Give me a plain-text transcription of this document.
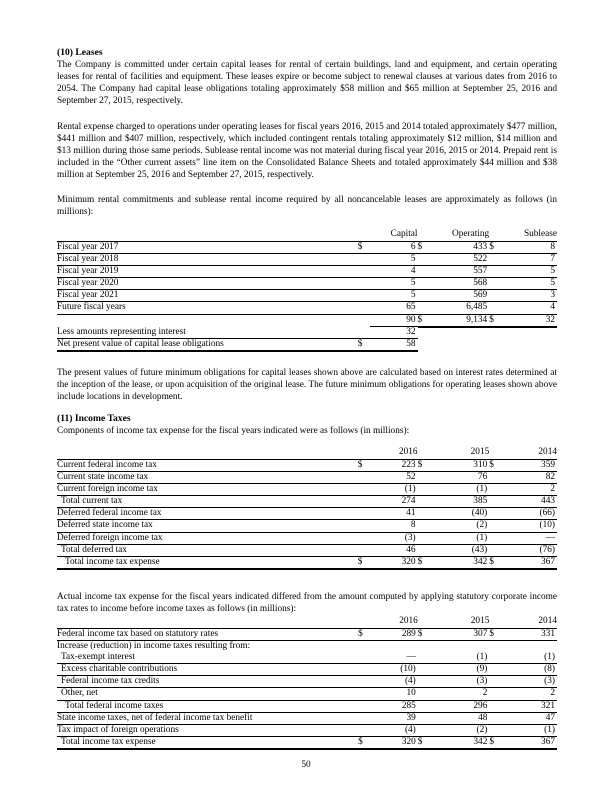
(10) Leases

The Company is committed under certain capital leases for rental of certain buildings, land and equipment, and certain operating leases for rental of facilities and equipment. These leases expire or become subject to renewal clauses at various dates from 2016 to 2054. The Company had capital lease obligations totaling approximately $58 million and $65 million at September 25, 2016 and September 27, 2015, respectively.

Rental expense charged to operations under operating leases for fiscal years 2016, 2015 and 2014 totaled approximately $477 million, $441 million and $407 million, respectively, which included contingent rentals totaling approximately $12 million, $14 million and $13 million during those same periods. Sublease rental income was not material during fiscal year 2016, 2015 or 2014. Prepaid rent is included in the “Other current assets” line item on the Consolidated Balance Sheets and totaled approximately $44 million and $38 million at September 25, 2016 and September 27, 2015, respectively.

Minimum rental commitments and sublease rental income required by all noncancelable leases are approximately as follows (in millions):

		Capital		Operating		Sublease
Fiscal year 2017	$	6	$	433	$	8
Fiscal year 2018		5		522		7
Fiscal year 2019		4		557		5
Fiscal year 2020		5		568		5
Fiscal year 2021		5		569		3
Future fiscal years		65		6,485		4
		90	$	9,134	$	32
Less amounts representing interest		32				
Net present value of capital lease obligations	$	58				

The present values of future minimum obligations for capital leases shown above are calculated based on interest rates determined at the inception of the lease, or upon acquisition of the original lease. The future minimum obligations for operating leases shown above include locations in development.

(11) Income Taxes

Components of income tax expense for the fiscal years indicated were as follows (in millions):

		2016		2015		2014
Current federal income tax	$	223	$	310	$	359
Current state income tax		52		76		82
Current foreign income tax		(1)		(1)		2
Total current tax		274		385		443
Deferred federal income tax		41		(40)		(66)
Deferred state income tax		8		(2)		(10)
Deferred foreign income tax		(3)		(1)		—
Total deferred tax		46		(43)		(76)
Total income tax expense	$	320	$	342	$	367

Actual income tax expense for the fiscal years indicated differed from the amount computed by applying statutory corporate income tax rates to income before income taxes as follows (in millions):

		2016		2015		2014
Federal income tax based on statutory rates	$	289	$	307	$	331
Increase (reduction) in income taxes resulting from:						
Tax-exempt interest		—		(1)		(1)
Excess charitable contributions		(10)		(9)		(8)
Federal income tax credits		(4)		(3)		(3)
Other, net		10		2		2
Total federal income taxes		285		296		321
State income taxes, net of federal income tax benefit		39		48		47
Tax impact of foreign operations		(4)		(2)		(1)
Total income tax expense	$	320	$	342	$	367
50
